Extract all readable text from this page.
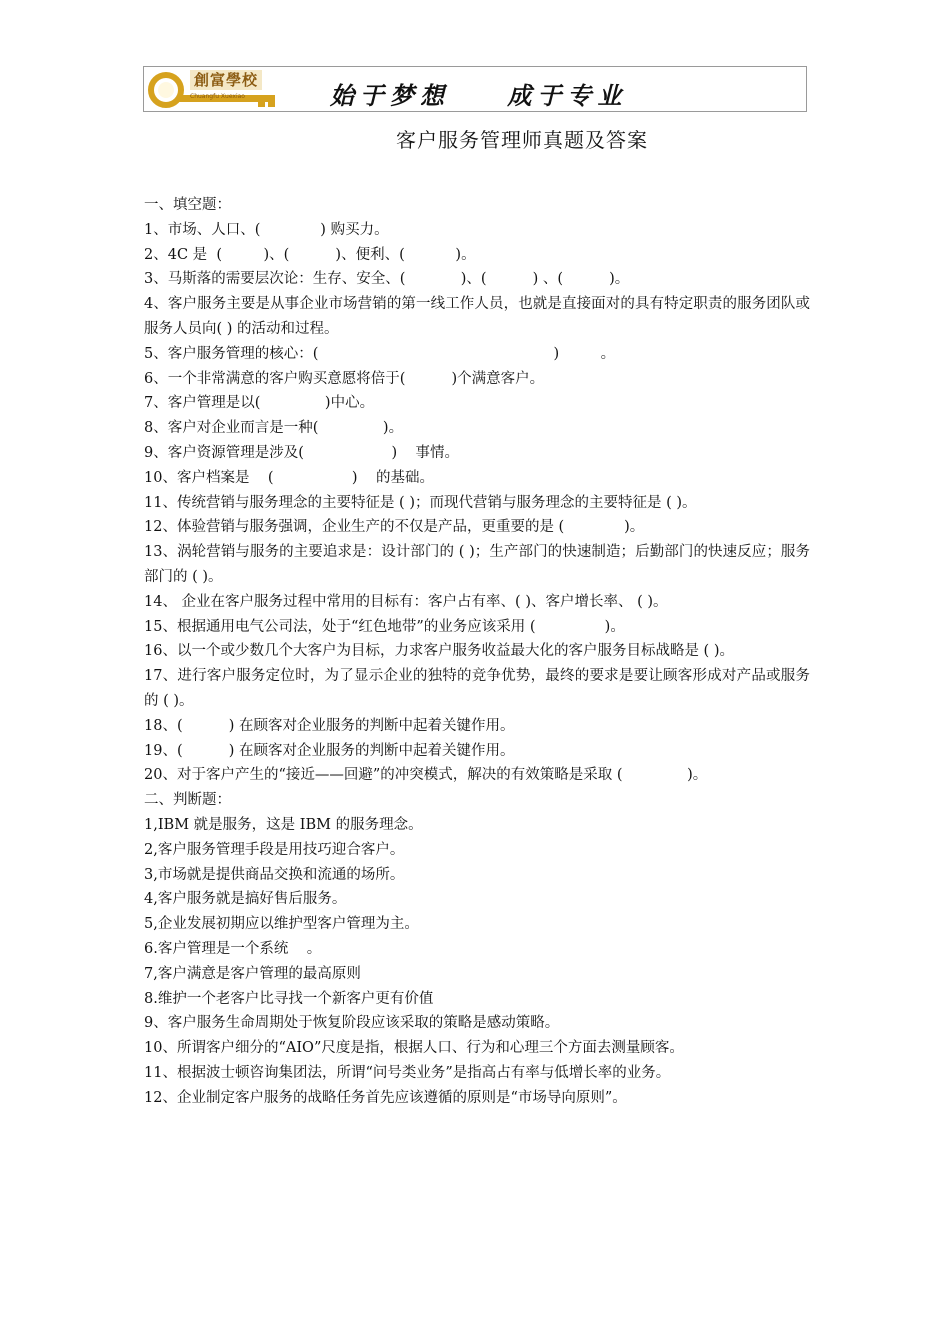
創富學校
Chuangfu Xuexiao	始于梦想    成于专业
客户服务管理师真题及答案
一、填空题：
1、市场、人口、(             ) 购买力。
2、4C 是  (         )、(          )、便利、(           )。
3、马斯落的需要层次论：生存、安全、(            )、(          ) 、(          )。
4、客户服务主要是从事企业市场营销的第一线工作人员，也就是直接面对的具有特定职责的服务团队或服务人员向( ) 的活动和过程。
5、客户服务管理的核心：(                                                   )         。
6、一个非常满意的客户购买意愿将倍于(          )个满意客户。
7、客户管理是以(              )中心。
8、客户对企业而言是一种(              )。
9、客户资源管理是涉及(                   )    事情。
10、客户档案是    (                 )    的基础。
11、传统营销与服务理念的主要特征是 ( )；而现代营销与服务理念的主要特征是 ( )。
12、体验营销与服务强调，企业生产的不仅是产品，更重要的是 (             )。
13、涡轮营销与服务的主要追求是：设计部门的 ( )；生产部门的快速制造；后勤部门的快速反应；服务部门的 ( )。
14、 企业在客户服务过程中常用的目标有：客户占有率、( )、客户增长率、 ( )。
15、根据通用电气公司法，处于“红色地带”的业务应该采用 (               )。
16、以一个或少数几个大客户为目标，力求客户服务收益最大化的客户服务目标战略是 ( )。
17、进行客户服务定位时，为了显示企业的独特的竞争优势，最终的要求是要让顾客形成对产品或服务的 ( )。
18、(          ) 在顾客对企业服务的判断中起着关键作用。
19、(          ) 在顾客对企业服务的判断中起着关键作用。
20、对于客户产生的“接近——回避”的冲突模式，解决的有效策略是采取 (              )。
二、判断题：
1,IBM 就是服务，这是 IBM 的服务理念。
2,客户服务管理手段是用技巧迎合客户。
3,市场就是提供商品交换和流通的场所。
4,客户服务就是搞好售后服务。
5,企业发展初期应以维护型客户管理为主。
6.客户管理是一个系统    。
7,客户满意是客户管理的最高原则
8.维护一个老客户比寻找一个新客户更有价值
9、客户服务生命周期处于恢复阶段应该采取的策略是感动策略。
10、所谓客户细分的“AIO”尺度是指，根据人口、行为和心理三个方面去测量顾客。
11、根据波士顿咨询集团法，所谓“问号类业务”是指高占有率与低增长率的业务。
12、企业制定客户服务的战略任务首先应该遵循的原则是“市场导向原则”。
